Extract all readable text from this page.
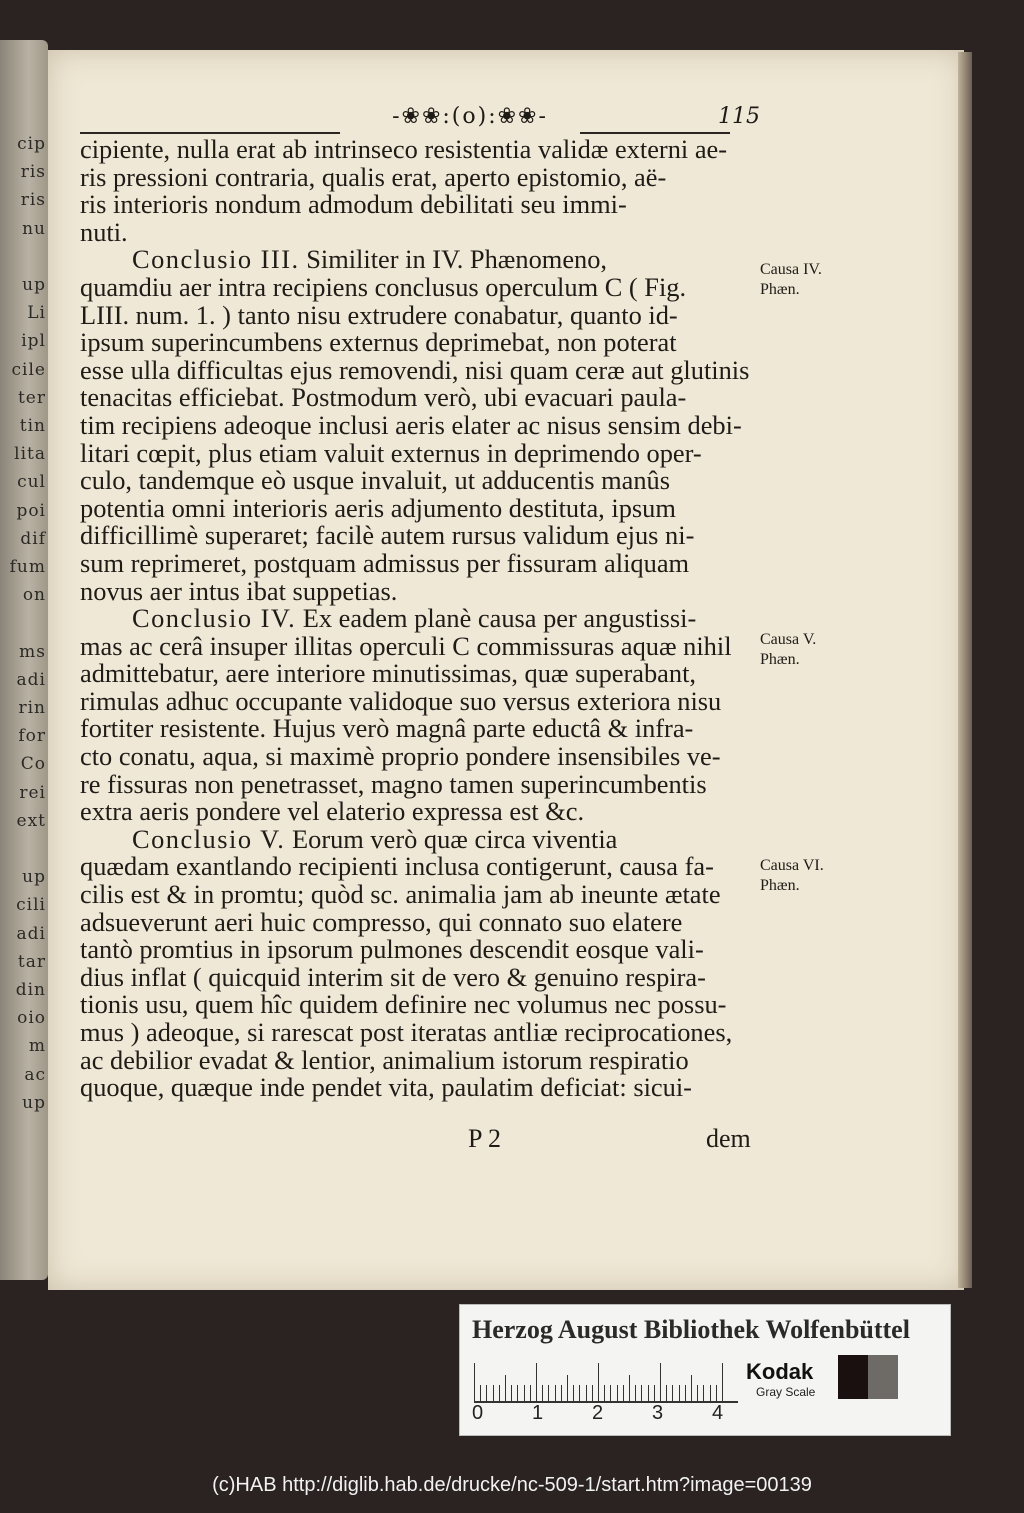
cip
ris
ris
nu
up
Li
ipl
cile
ter
tin
lita
cul
poi
dif
fum
on
ms
adi
rin
for
Co
rei
ext
up
cili
adi
tar
din
oio
m
ac
up
-❀❀:(o):❀❀-	115

cipiente, nulla erat ab intrinseco resistentia validæ externi ae-
ris pressioni contraria, qualis erat, aperto epistomio, aë-
ris interioris nondum admodum debilitati seu immi-
nuti.

Conclusio III. Similiter in IV. Phænomeno,
quamdiu aer intra recipiens conclusus operculum C ( Fig.
LIII. num. 1. ) tanto nisu extrudere conabatur, quanto id-
ipsum superincumbens externus deprimebat, non poterat
esse ulla difficultas ejus removendi, nisi quam ceræ aut glutinis
tenacitas efficiebat. Postmodum verò, ubi evacuari paula-
tim recipiens adeoque inclusi aeris elater ac nisus sensim debi-
litari cœpit, plus etiam valuit externus in deprimendo oper-
culo, tandemque eò usque invaluit, ut adducentis manûs
potentia omni interioris aeris adjumento destituta, ipsum
difficillimè superaret; facilè autem rursus validum ejus ni-
sum reprimeret, postquam admissus per fissuram aliquam
novus aer intus ibat suppetias.

Conclusio IV. Ex eadem planè causa per angustissi-
mas ac cerâ insuper illitas operculi C commissuras aquæ nihil
admittebatur, aere interiore minutissimas, quæ superabant,
rimulas adhuc occupante validoque suo versus exteriora nisu
fortiter resistente. Hujus verò magnâ parte eductâ & infra-
cto conatu, aqua, si maximè proprio pondere insensibiles ve-
re fissuras non penetrasset, magno tamen superincumbentis
extra aeris pondere vel elaterio expressa est &c.

Conclusio V. Eorum verò quæ circa viventia
quædam exantlando recipienti inclusa contigerunt, causa fa-
cilis est & in promtu; quòd sc. animalia jam ab ineunte ætate
adsueverunt aeri huic compresso, qui connato suo elatere
tantò promtius in ipsorum pulmones descendit eosque vali-
dius inflat ( quicquid interim sit de vero & genuino respira-
tionis usu, quem hîc quidem definire nec volumus nec possu-
mus ) adeoque, si rarescat post iteratas antliæ reciprocationes,
ac debilior evadat & lentior, animalium istorum respiratio
quoque, quæque inde pendet vita, paulatim deficiat: sicui-

Causa IV.
Phæn.
Causa V.
Phæn.
Causa VI.
Phæn.
P 2	dem
Herzog August Bibliothek Wolfenbüttel
0 1 2 3 4
Kodak
Gray Scale
(c)HAB http://diglib.hab.de/drucke/nc-509-1/start.htm?image=00139
